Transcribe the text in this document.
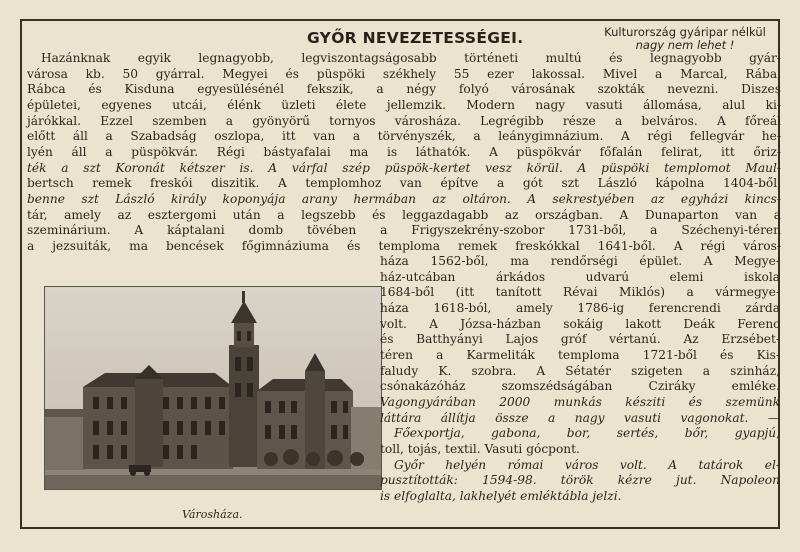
GYŐR NEVEZETESSÉGEI.	Kulturország gyáripar nélkül
nagy nem lehet !
Hazánknak egyik legnagyobb, legviszontagságosabb történeti multú és legnagyobb gyár-
városa kb. 50 gyárral. Megyei és püspöki székhely 55 ezer lakossal. Mivel a Marcal, Rába,
Rábca és Kisduna egyesülésénél fekszik, a négy folyó városának szokták nevezni. Diszes
épületei, egyenes utcái, élénk üzleti élete jellemzik. Modern nagy vasuti állomása, alul ki-
járókkal. Ezzel szemben a gyönyörű tornyos városháza. Legrégibb része a belváros. A főreál
előtt áll a Szabadság oszlopa, itt van a törvényszék, a leánygimnázium. A régi fellegvár he-
lyén áll a püspökvár. Régi bástyafalai ma is láthatók. A püspökvár főfalán felirat, itt őriz-
ték a szt Koronát kétszer is. A várfal szép püspök-kertet vesz körül. A püspöki templomot Maul-
bertsch remek freskói diszitik. A templomhoz van építve a gót szt László kápolna 1404-ből,
benne szt László király koponyája arany hermában az oltáron. A sekrestyében az egyházi kincs-
tár, amely az esztergomi után a legszebb és leggazdagabb az országban. A Dunaparton van a
szeminárium. A káptalani domb tövében a Frigyszekrény-szobor 1731-ből, a Széchenyi-téren
a jezsuiták, ma bencések főgimnáziuma és temploma remek freskókkal 1641-ből. A régi város-
Városháza.
háza 1562-ből, ma rendőrségi épület. A Megye-
ház-utcában árkádos udvarú elemi iskola
1684-ből (itt tanított Révai Miklós) a vármegye-
háza 1618-ból, amely 1786-ig ferencrendi zárda
volt. A Józsa-házban sokáig lakott Deák Ferenc
és Batthyányi Lajos gróf vértanú. Az Erzsébet-
téren a Karmeliták temploma 1721-ből és Kis-
faludy K. szobra. A Sétatér szigeten a szinház,
csónakázóház szomszédságában Cziráky emléke.
Vagongyárában 2000 munkás késziti és szemünk
láttára állítja össze a nagy vasuti vagonokat. —
Főexportja, gabona, bor, sertés, bőr, gyapjú,
toll, tojás, textil. Vasuti gócpont.
Győr helyén római város volt. A tatárok el-
pusztították: 1594-98. török kézre jut. Napoleon
is elfoglalta, lakhelyét emléktábla jelzi.
